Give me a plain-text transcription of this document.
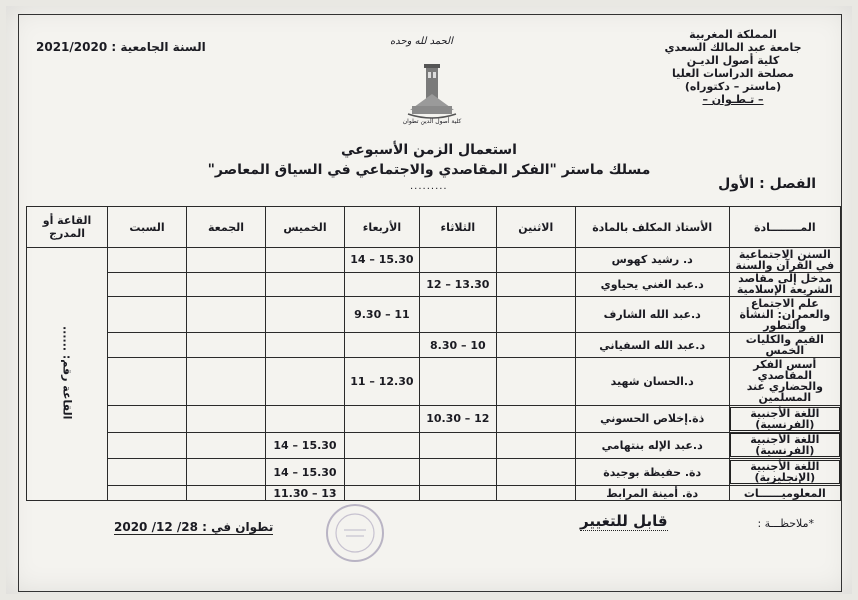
المملكة المغربية
جامعة عبد المالك السعدي
كلية أصول الديـن
مصلحة الدراسات العليا
(ماستر – دكتوراه)
– تـطـوان –
السنة الجامعية : 2021/2020	الحمد لله وحده
كلية أصول الدين تطوان
استعمال الزمن الأسبوعي
مسلك ماستر "الفكر المقاصدي والاجتماعي في السياق المعاصر"
.........	الفصل : الأول
المــــــــادة	الأستاذ المكلف بالمادة	الاثنين	الثلاثاء	الأربعاء	الخميس	الجمعة	السبت	القاعة أو المدرج
السنن الاجتماعية في القرآن والسنة	د. رشيد كهوس			14 – 15.30				القاعة رقم: ......
مدخل إلى مقاصد الشريعة الإسلامية	د.عبد الغني يحياوي		12 – 13.30					
علم الاجتماع والعمران: النشأة والتطور	د.عبد الله الشارف			9.30 – 11				
القيم والكليات الخمس	د.عبد الله السفياني		8.30 – 10					
أسس الفكر المقاصدي والحضاري عند المسلمين	د.الحسان شهيد			11 – 12.30				
اللغة الأجنبية (الفرنسية)	ذة.إخلاص الحسوني		10.30 – 12					
اللغة الأجنبية (الفرنسية)	د.عبد الإله بنتهامي				14 – 15.30			
اللغة الأجنبية (الإنجليزية)	دة. حفيظة بوجيدة				14 – 15.30			
المعلوميــــــات	دة. أمينة المرابط				11.30 – 13			
*ملاحظـــة :
قابل للتغيير
تطوان في : 28/ 12/ 2020
